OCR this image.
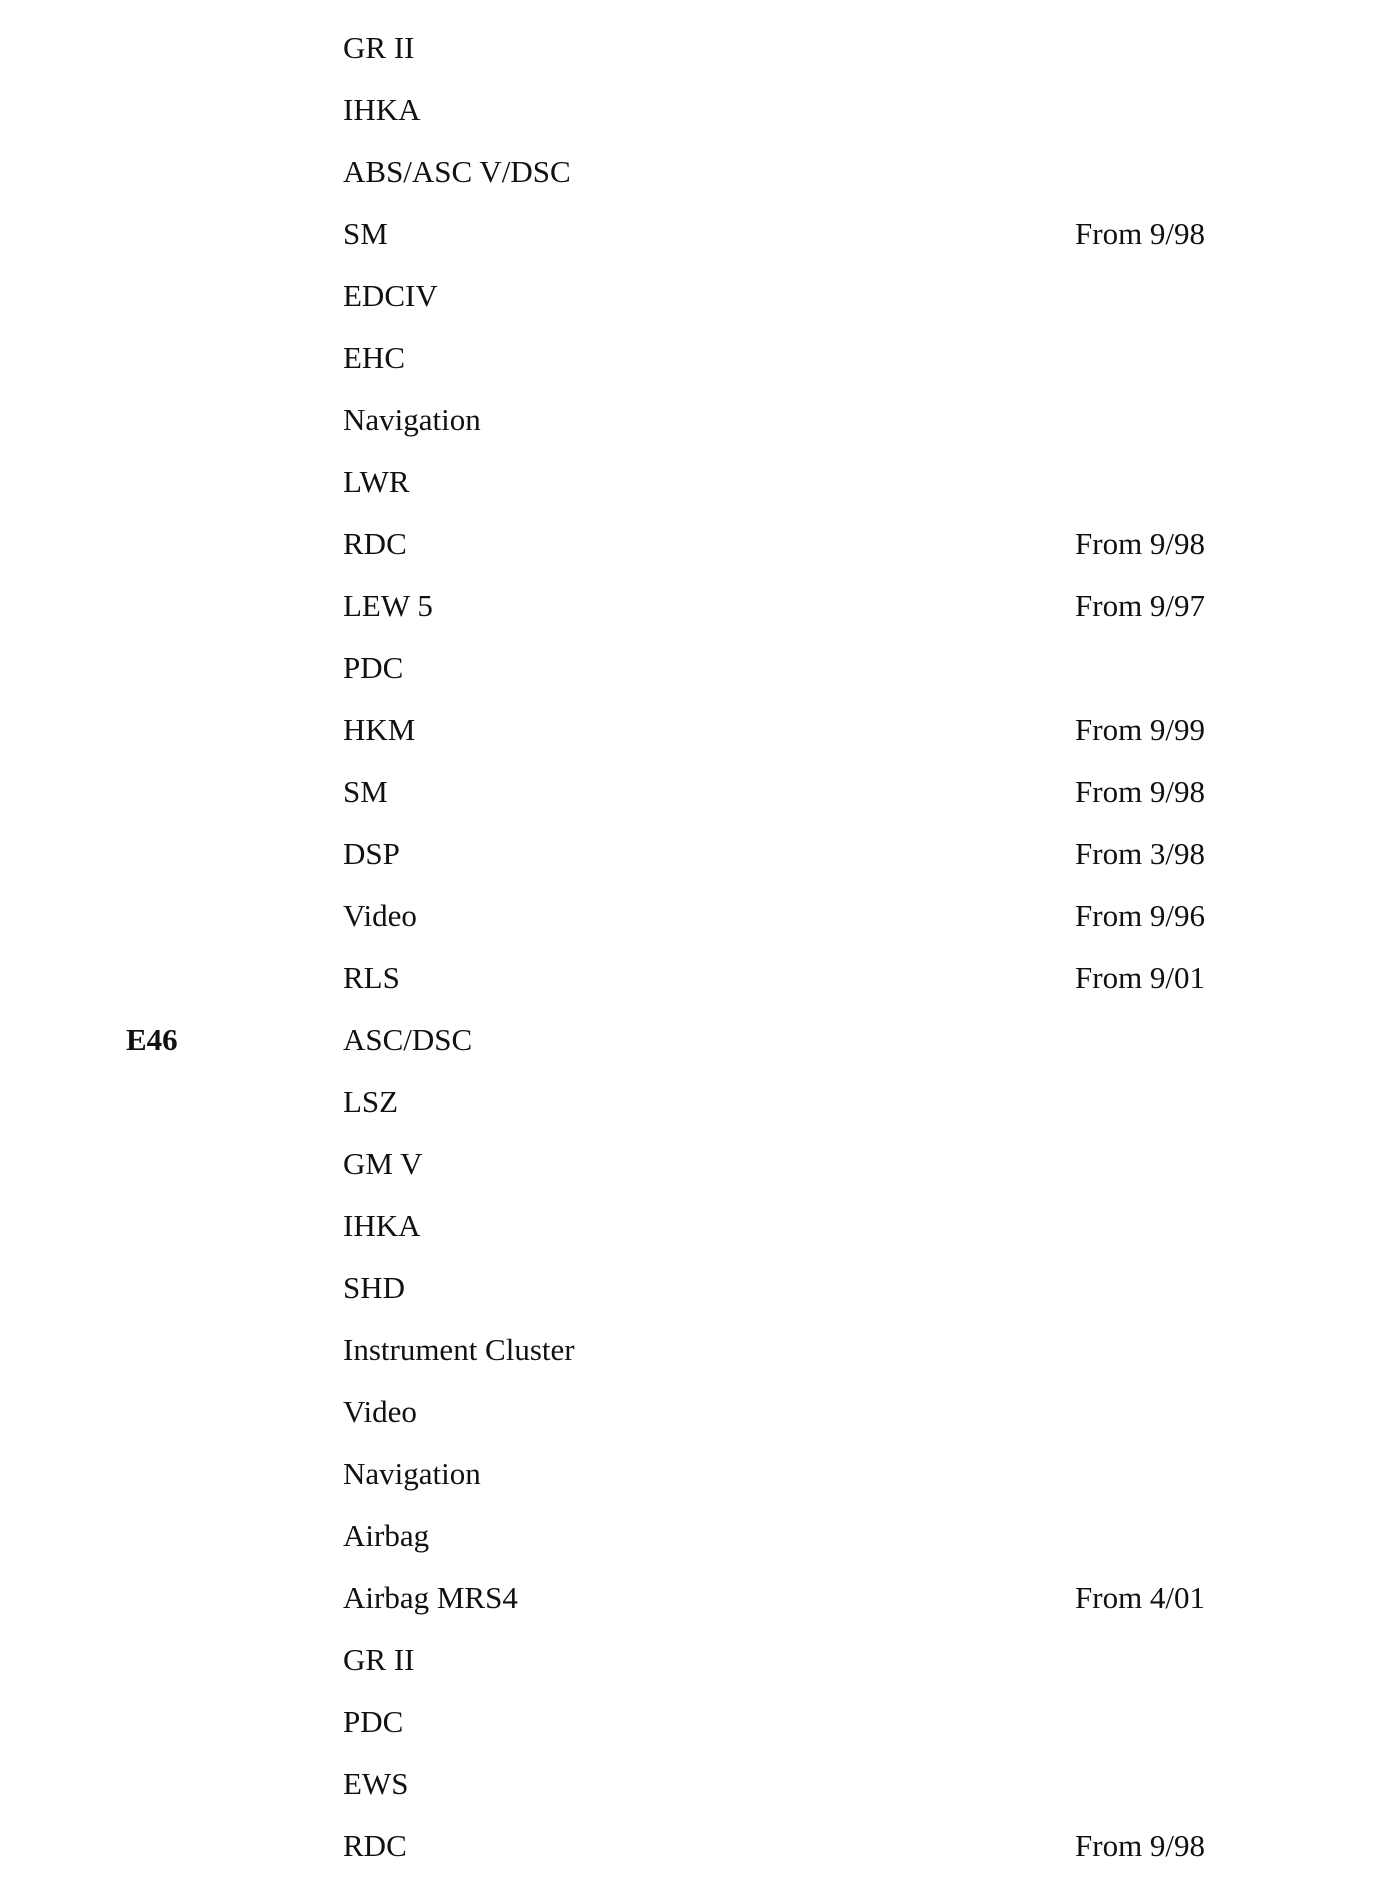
GR II
IHKA
ABS/ASC V/DSC
SM	From 9/98
EDCIV
EHC
Navigation
LWR
RDC	From 9/98
LEW 5	From 9/97
PDC
HKM	From 9/99
SM	From 9/98
DSP	From 3/98
Video	From 9/96
RLS	From 9/01
E46	ASC/DSC
LSZ
GM V
IHKA
SHD
Instrument Cluster
Video
Navigation
Airbag
Airbag MRS4	From 4/01
GR II
PDC
EWS
RDC	From 9/98
